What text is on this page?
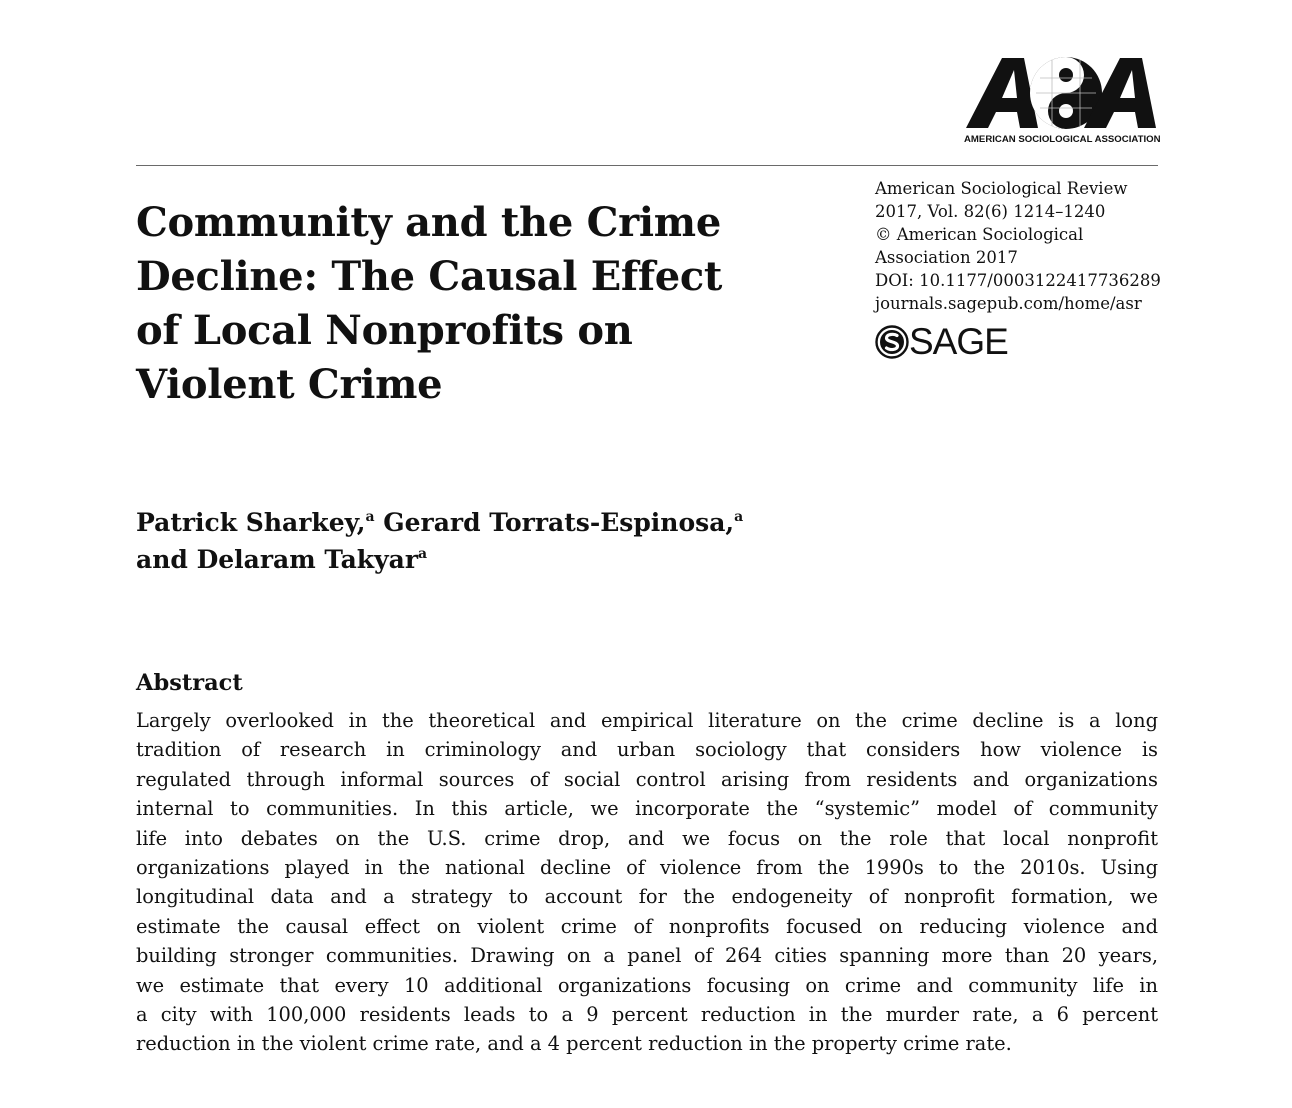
AMERICAN SOCIOLOGICAL ASSOCIATION
Community and the Crime
Decline: The Causal Effect
of Local Nonprofits on
Violent Crime
American Sociological Review
2017, Vol. 82(6) 1214–1240
© American Sociological
Association 2017
DOI: 10.1177/0003122417736289
journals.sagepub.com/home/asr
SAGE
Patrick Sharkey,$^a$ Gerard Torrats-Espinosa,$^a$
and Delaram Takyar$^a$
Abstract
Largely overlooked in the theoretical and empirical literature on the crime decline is a long
tradition of research in criminology and urban sociology that considers how violence is
regulated through informal sources of social control arising from residents and organizations
internal to communities. In this article, we incorporate the “systemic” model of community
life into debates on the U.S. crime drop, and we focus on the role that local nonprofit
organizations played in the national decline of violence from the 1990s to the 2010s. Using
longitudinal data and a strategy to account for the endogeneity of nonprofit formation, we
estimate the causal effect on violent crime of nonprofits focused on reducing violence and
building stronger communities. Drawing on a panel of 264 cities spanning more than 20 years,
we estimate that every 10 additional organizations focusing on crime and community life in
a city with 100,000 residents leads to a 9 percent reduction in the murder rate, a 6 percent
reduction in the violent crime rate, and a 4 percent reduction in the property crime rate.
